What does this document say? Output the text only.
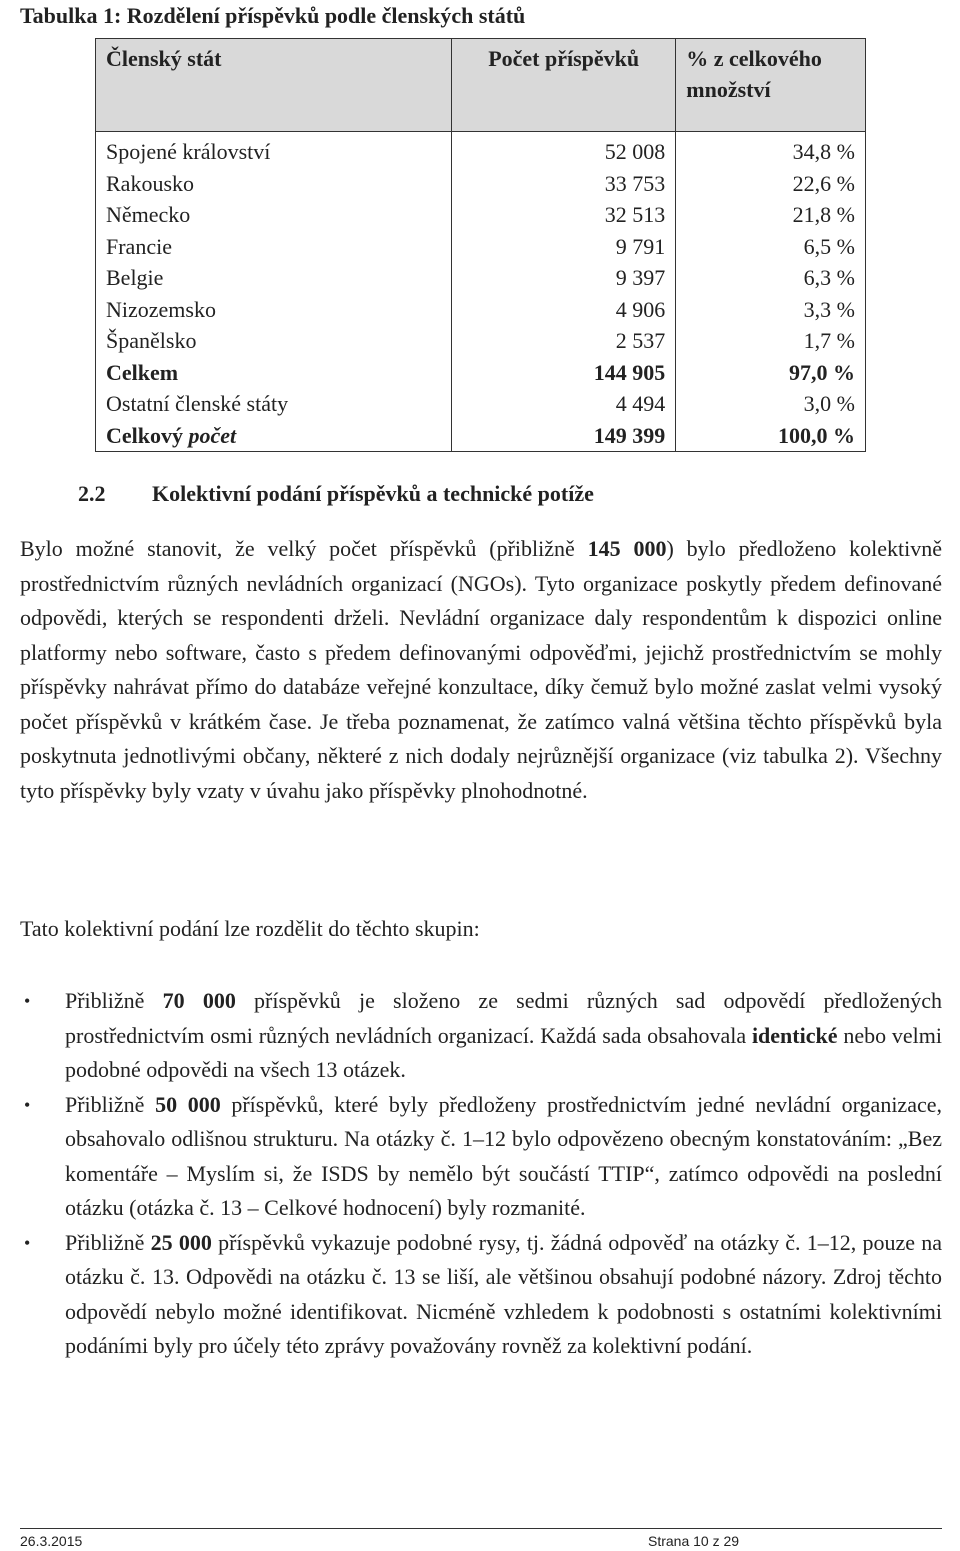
Tabulka 1: Rozdělení příspěvků podle členských států
Členský stát	Počet příspěvků	% z celkového množství

Spojené království	52 008	34,8 %
Rakousko	33 753	22,6 %
Německo	32 513	21,8 %
Francie	9 791	6,5 %
Belgie	9 397	6,3 %
Nizozemsko	4 906	3,3 %
Španělsko	2 537	1,7 %
Celkem	144 905	97,0 %
Ostatní členské státy	4 494	3,0 %
Celkový počet	149 399	100,0 %
2.2 Kolektivní podání příspěvků a technické potíže

Bylo možné stanovit, že velký počet příspěvků (přibližně 145 000) bylo předloženo kolektivně prostřednictvím různých nevládních organizací (NGOs). Tyto organizace poskytly předem definované odpovědi, kterých se respondenti drželi. Nevládní organizace daly respondentům k dispozici online platformy nebo software, často s předem definovanými odpověďmi, jejichž prostřednictvím se mohly příspěvky nahrávat přímo do databáze veřejné konzultace, díky čemuž bylo možné zaslat velmi vysoký počet příspěvků v krátkém čase. Je třeba poznamenat, že zatímco valná většina těchto příspěvků byla poskytnuta jednotlivými občany, některé z nich dodaly nejrůznější organizace (viz tabulka 2). Všechny tyto příspěvky byly vzaty v úvahu jako příspěvky plnohodnotné.

Tato kolektivní podání lze rozdělit do těchto skupin:

• Přibližně 70 000 příspěvků je složeno ze sedmi různých sad odpovědí předložených prostřednictvím osmi různých nevládních organizací. Každá sada obsahovala identické nebo velmi podobné odpovědi na všech 13 otázek.
• Přibližně 50 000 příspěvků, které byly předloženy prostřednictvím jedné nevládní organizace, obsahovalo odlišnou strukturu. Na otázky č. 1–12 bylo odpovězeno obecným konstatováním: „Bez komentáře – Myslím si, že ISDS by nemělo být součástí TTIP“, zatímco odpovědi na poslední otázku (otázka č. 13 – Celkové hodnocení) byly rozmanité.
• Přibližně 25 000 příspěvků vykazuje podobné rysy, tj. žádná odpověď na otázky č. 1–12, pouze na otázku č. 13. Odpovědi na otázku č. 13 se liší, ale většinou obsahují podobné názory. Zdroj těchto odpovědí nebylo možné identifikovat. Nicméně vzhledem k podobnosti s ostatními kolektivními podáními byly pro účely této zprávy považovány rovněž za kolektivní podání.
26.3.2015	Strana 10 z 29
